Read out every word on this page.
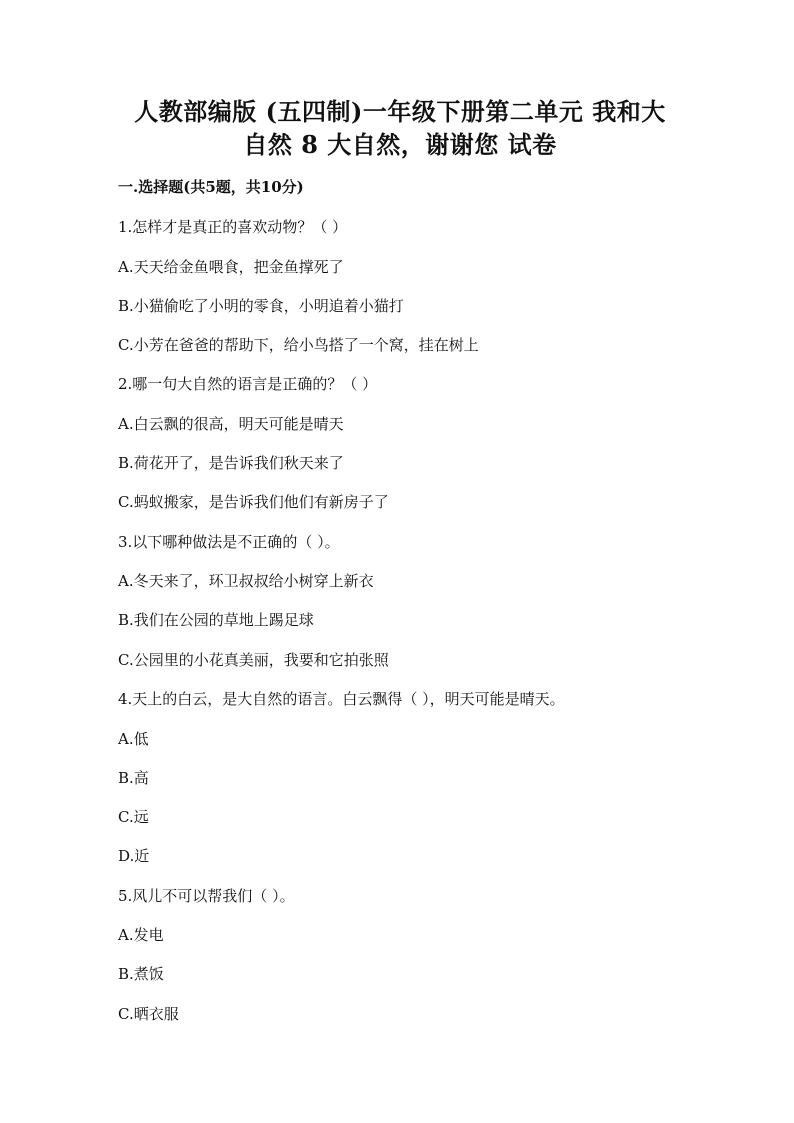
人教部编版 (五四制)一年级下册第二单元 我和大
自然 8 大自然，谢谢您 试卷
一.选择题(共5题，共10分)
1.怎样才是真正的喜欢动物？（ ）
A.天天给金鱼喂食，把金鱼撑死了
B.小猫偷吃了小明的零食，小明追着小猫打
C.小芳在爸爸的帮助下，给小鸟搭了一个窝，挂在树上
2.哪一句大自然的语言是正确的？（ ）
A.白云飘的很高，明天可能是晴天
B.荷花开了，是告诉我们秋天来了
C.蚂蚁搬家，是告诉我们他们有新房子了
3.以下哪种做法是不正确的（ ）。
A.冬天来了，环卫叔叔给小树穿上新衣
B.我们在公园的草地上踢足球
C.公园里的小花真美丽，我要和它拍张照
4.天上的白云，是大自然的语言。白云飘得（ ），明天可能是晴天。
A.低
B.高
C.远
D.近
5.风儿不可以帮我们（ ）。
A.发电
B.煮饭
C.晒衣服
